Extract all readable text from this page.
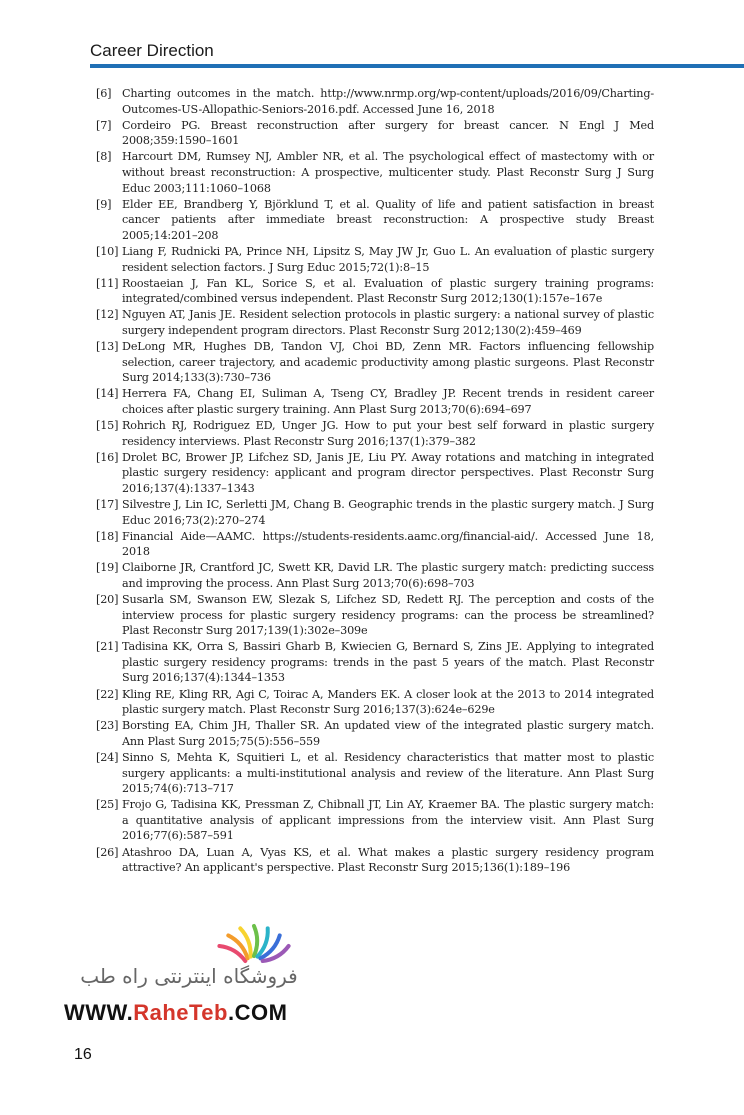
Career Direction
[6] Charting outcomes in the match. http://www.nrmp.org/wp-content/uploads/2016/09/Charting-Outcomes-US-Allopathic-Seniors-2016.pdf. Accessed June 16, 2018
[7] Cordeiro PG. Breast reconstruction after surgery for breast cancer. N Engl J Med 2008;359:1590–1601
[8] Harcourt DM, Rumsey NJ, Ambler NR, et al. The psychological effect of mastectomy with or without breast reconstruction: A prospective, multicenter study. Plast Reconstr Surg J Surg Educ 2003;111:1060–1068
[9] Elder EE, Brandberg Y, Björklund T, et al. Quality of life and patient satisfaction in breast cancer patients after immediate breast reconstruction: A prospective study Breast 2005;14:201–208
[10] Liang F, Rudnicki PA, Prince NH, Lipsitz S, May JW Jr, Guo L. An evaluation of plastic surgery resident selection factors. J Surg Educ 2015;72(1):8–15
[11] Roostaeian J, Fan KL, Sorice S, et al. Evaluation of plastic surgery training programs: integrated/combined versus independent. Plast Reconstr Surg 2012;130(1):157e–167e
[12] Nguyen AT, Janis JE. Resident selection protocols in plastic surgery: a national survey of plastic surgery independent program directors. Plast Reconstr Surg 2012;130(2):459–469
[13] DeLong MR, Hughes DB, Tandon VJ, Choi BD, Zenn MR. Factors influencing fellowship selection, career trajectory, and academic productivity among plastic surgeons. Plast Reconstr Surg 2014;133(3):730–736
[14] Herrera FA, Chang EI, Suliman A, Tseng CY, Bradley JP. Recent trends in resident career choices after plastic surgery training. Ann Plast Surg 2013;70(6):694–697
[15] Rohrich RJ, Rodriguez ED, Unger JG. How to put your best self forward in plastic surgery residency interviews. Plast Reconstr Surg 2016;137(1):379–382
[16] Drolet BC, Brower JP, Lifchez SD, Janis JE, Liu PY. Away rotations and matching in integrated plastic surgery residency: applicant and program director perspectives. Plast Reconstr Surg 2016;137(4):1337–1343
[17] Silvestre J, Lin IC, Serletti JM, Chang B. Geographic trends in the plastic surgery match. J Surg Educ 2016;73(2):270–274
[18] Financial Aide—AAMC. https://students-residents.aamc.org/financial-aid/. Accessed June 18, 2018
[19] Claiborne JR, Crantford JC, Swett KR, David LR. The plastic surgery match: predicting success and improving the process. Ann Plast Surg 2013;70(6):698–703
[20] Susarla SM, Swanson EW, Slezak S, Lifchez SD, Redett RJ. The perception and costs of the interview process for plastic surgery residency programs: can the process be streamlined? Plast Reconstr Surg 2017;139(1):302e–309e
[21] Tadisina KK, Orra S, Bassiri Gharb B, Kwiecien G, Bernard S, Zins JE. Applying to integrated plastic surgery residency programs: trends in the past 5 years of the match. Plast Reconstr Surg 2016;137(4):1344–1353
[22] Kling RE, Kling RR, Agi C, Toirac A, Manders EK. A closer look at the 2013 to 2014 integrated plastic surgery match. Plast Reconstr Surg 2016;137(3):624e–629e
[23] Borsting EA, Chim JH, Thaller SR. An updated view of the integrated plastic surgery match. Ann Plast Surg 2015;75(5):556–559
[24] Sinno S, Mehta K, Squitieri L, et al. Residency characteristics that matter most to plastic surgery applicants: a multi-institutional analysis and review of the literature. Ann Plast Surg 2015;74(6):713–717
[25] Frojo G, Tadisina KK, Pressman Z, Chibnall JT, Lin AY, Kraemer BA. The plastic surgery match: a quantitative analysis of applicant impressions from the interview visit. Ann Plast Surg 2016;77(6):587–591
[26] Atashroo DA, Luan A, Vyas KS, et al. What makes a plastic surgery residency program attractive? An applicant's perspective. Plast Reconstr Surg 2015;136(1):189–196
فروشگاه اینترنتی راه طب
WWW.RaheTeb.COM
16
